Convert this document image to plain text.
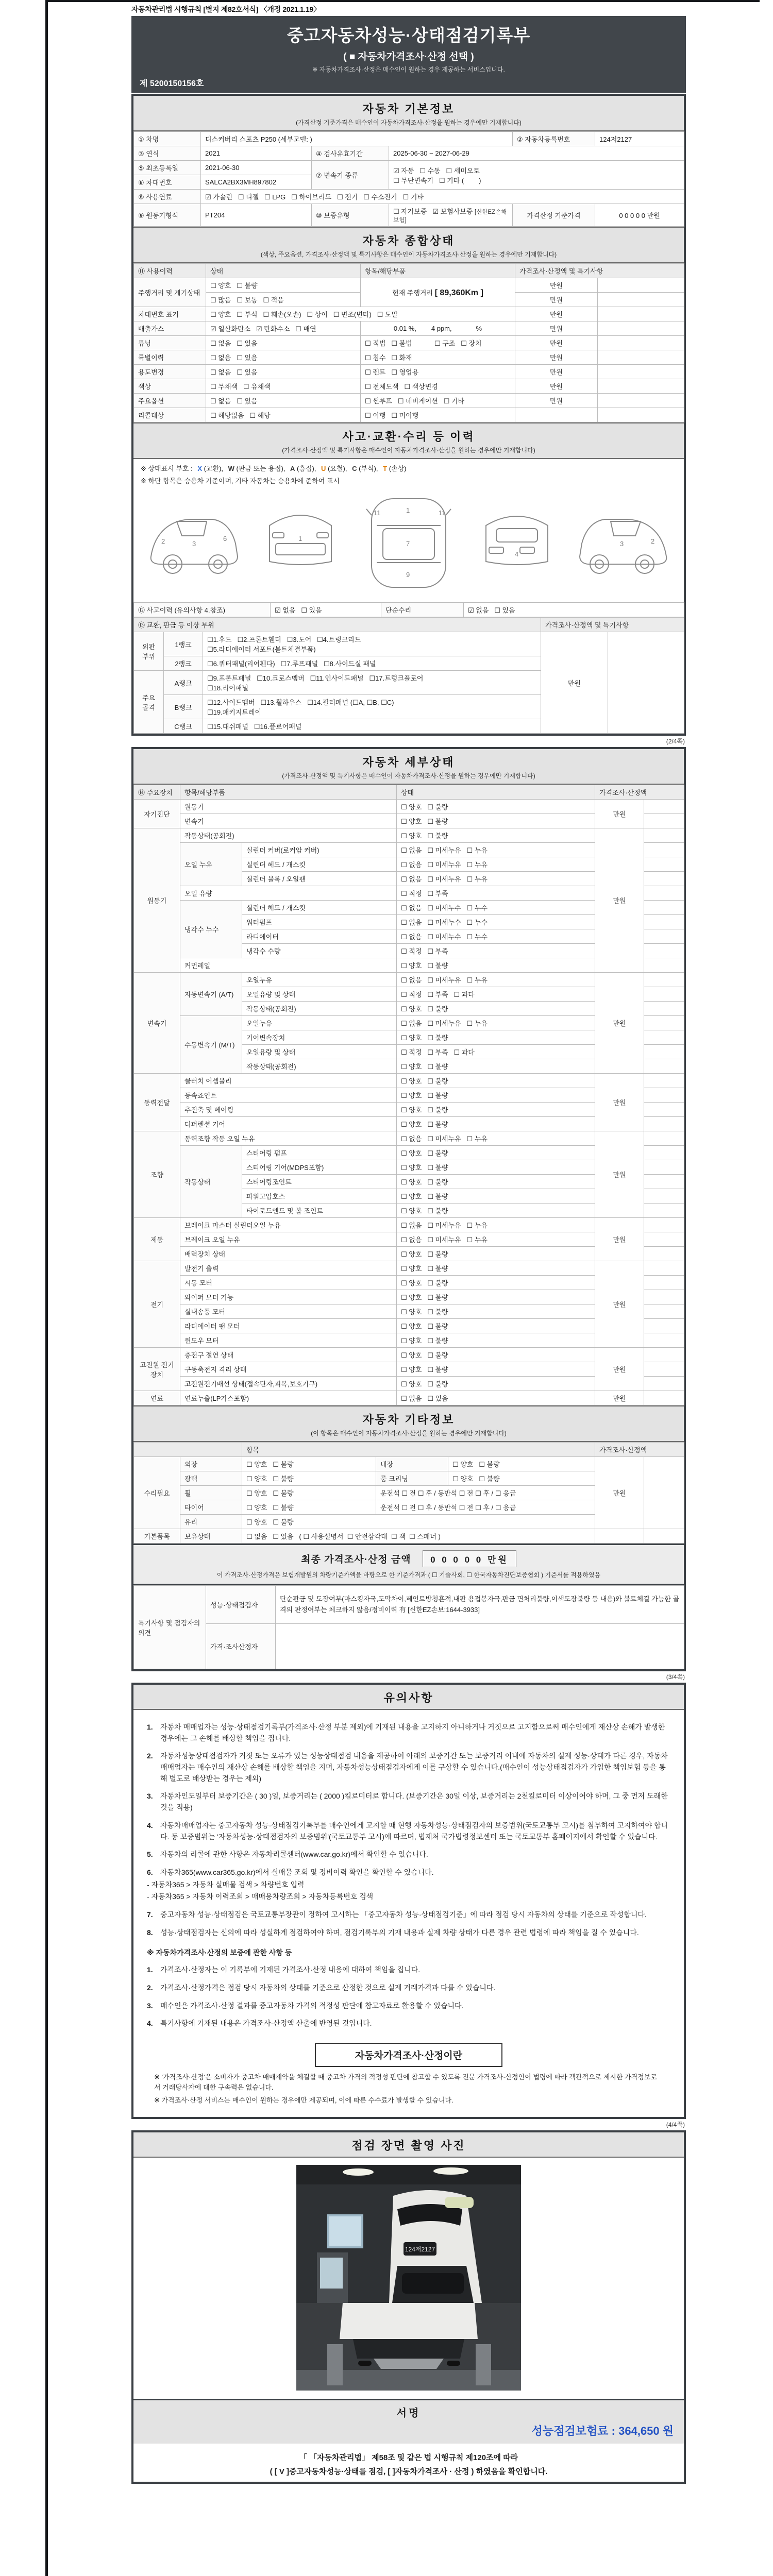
자동차관리법 시행규칙 [별지 제82호서식] 〈개정 2021.1.19〉
중고자동차성능·상태점검기록부
( ■ 자동차가격조사·산정 선택 )
※ 자동차가격조사·산정은 매수인이 원하는 경우 제공하는 서비스입니다.
제 5200150156호
자동차 기본정보
(가격산정 기준가격은 매수인이 자동차가격조사·산정을 원하는 경우에만 기재합니다)
① 차명	디스커버리 스포츠 P250 (세부모델: )			② 자동차등록번호	124저2127
③ 연식	2021	④ 검사유효기간	2025-06-30 ~ 2027-06-29		
⑤ 최초등록일	2021-06-30	⑦ 변속기 종류	☑ 자동   ☐ 수동   ☐ 세미오토
☐ 무단변속기   ☐ 기타 (        )		

⑥ 차대번호	SALCA2BX3MH897802				
⑧ 사용연료	☑ 가솔린   ☐ 디젤   ☐ LPG   ☐ 하이브리드   ☐ 전기   ☐ 수소전기   ☐ 기타				
⑨ 원동기형식	PT204	⑩ 보증유형	☐ 자가보증   ☑ 보험사보증 [신한EZ손해보험]	가격산정 기준가격	0 0 0 0 0 만원
자동차 종합상태
(색상, 주요옵션, 가격조사·산정액 및 특기사항은 매수인이 자동차가격조사·산정을 원하는 경우에만 기재합니다)
⑪ 사용이력	상태	항목/해당부품	가격조사·산정액 및 특기사항	
주행거리 및 계기상태	☐ 양호   ☐ 불량	현재 주행거리 [ 89,360Km ]	만원	
	☐ 많음   ☐ 보통   ☐ 적음		만원	
차대번호 표기	☐ 양호   ☐ 부식   ☐ 훼손(오손)   ☐ 상이   ☐ 변조(변타)   ☐ 도말		만원	
배출가스	☑ 일산화탄소   ☑ 탄화수소   ☐ 매연	0.01 %,        4 ppm,             %	만원	
튜닝	☐ 없음   ☐ 있음	☐ 적법   ☐ 불법            ☐ 구조   ☐ 장치	만원	
특별이력	☐ 없음   ☐ 있음	☐ 침수   ☐ 화재	만원	
용도변경	☐ 없음   ☐ 있음	☐ 렌트   ☐ 영업용	만원	
색상	☐ 무채색   ☐ 유채색	☐ 전체도색   ☐ 색상변경	만원	
주요옵션	☐ 없음   ☐ 있음	☐ 썬루프   ☐ 네비게이션   ☐ 기타	만원	
리콜대상	☐ 해당없음   ☐ 해당	☐ 이행   ☐ 미이행		
사고·교환·수리 등 이력
(가격조사·산정액 및 특기사항은 매수인이 자동차가격조사·산정을 원하는 경우에만 기재합니다)
※ 상태표시 부호 : X (교환), W (판금 또는 용접), A (흠집), U (요철), C (부식), T (손상)
※ 하단 항목은 승용차 기준이며, 기타 자동차는 승용차에 준하여 표시
2	3
6	1
1
7
11	11
9
4
2
3
⑫ 사고이력 (유의사항 4.참조)	☑ 없음   ☐ 있음	단순수리	☑ 없음   ☐ 있음
⑬ 교환, 판금 등 이상 부위			가격조사·산정액 및 특기사항	
외판 부위	1랭크	☐1.후드   ☐2.프론트휀더   ☐3.도어   ☐4.트렁크리드
☐5.라디에이터 서포트(볼트체결부품)	만원	
	2랭크	☐6.쿼터패널(리어휀다)   ☐7.루프패널   ☐8.사이드실 패널		
주요 골격	A랭크	☐9.프론트패널   ☐10.크로스멤버   ☐11.인사이드패널   ☐17.트렁크플로어
☐18.리어패널		

	B랭크	☐12.사이드멤버   ☐13.휠하우스   ☐14.필러패널 (☐A, ☐B, ☐C)
☐19.패키지트레이		

	C랭크	☐15.대쉬패널   ☐16.플로어패널		
(2/4쪽)
자동차 세부상태
(가격조사·산정액 및 특기사항은 매수인이 자동차가격조사·산정을 원하는 경우에만 기재합니다)
⑭ 주요장치	항목/해당부품		상태	가격조사·산정액	
자기진단	원동기		☐ 양호   ☐ 불량	만원	
	변속기		☐ 양호   ☐ 불량		
원동기	작동상태(공회전)		☐ 양호   ☐ 불량	만원	
	오일 누유	실린더 커버(로커암 커버)	☐ 없음   ☐ 미세누유   ☐ 누유		
		실린더 헤드 / 개스킷	☐ 없음   ☐ 미세누유   ☐ 누유		
		실린더 블록 / 오일팬	☐ 없음   ☐ 미세누유   ☐ 누유		
	오일 유량		☐ 적정   ☐ 부족		
	냉각수 누수	실린더 헤드 / 개스킷	☐ 없음   ☐ 미세누수   ☐ 누수		
		워터펌프	☐ 없음   ☐ 미세누수   ☐ 누수		
		라디에이터	☐ 없음   ☐ 미세누수   ☐ 누수		
		냉각수 수량	☐ 적정   ☐ 부족		
	커먼레일		☐ 양호   ☐ 불량		
변속기	자동변속기 (A/T)	오일누유	☐ 없음   ☐ 미세누유   ☐ 누유	만원	
		오일유량 및 상태	☐ 적정   ☐ 부족   ☐ 과다		
		작동상태(공회전)	☐ 양호   ☐ 불량		
	수동변속기 (M/T)	오일누유	☐ 없음   ☐ 미세누유   ☐ 누유		
		기어변속장치	☐ 양호   ☐ 불량		
		오일유량 및 상태	☐ 적정   ☐ 부족   ☐ 과다		
		작동상태(공회전)	☐ 양호   ☐ 불량		
동력전달	클러치 어셈블리		☐ 양호   ☐ 불량	만원	
	등속죠인트		☐ 양호   ☐ 불량		
	추진축 및 베어링		☐ 양호   ☐ 불량		
	디퍼렌셜 기어		☐ 양호   ☐ 불량		
조향	동력조향 작동 오일 누유		☐ 없음   ☐ 미세누유   ☐ 누유	만원	
	작동상태	스티어링 펌프	☐ 양호   ☐ 불량		
		스티어링 기어(MDPS포함)	☐ 양호   ☐ 불량		
		스티어링조인트	☐ 양호   ☐ 불량		
		파워고압호스	☐ 양호   ☐ 불량		
		타이로드엔드 및 볼 조인트	☐ 양호   ☐ 불량		
제동	브레이크 마스터 실린더오일 누유		☐ 없음   ☐ 미세누유   ☐ 누유	만원	
	브레이크 오일 누유		☐ 없음   ☐ 미세누유   ☐ 누유		
	배력장치 상태		☐ 양호   ☐ 불량		
전기	발전기 출력		☐ 양호   ☐ 불량	만원	
	시동 모터		☐ 양호   ☐ 불량		
	와이퍼 모터 기능		☐ 양호   ☐ 불량		
	실내송풍 모터		☐ 양호   ☐ 불량		
	라디에이터 팬 모터		☐ 양호   ☐ 불량		
	윈도우 모터		☐ 양호   ☐ 불량		
고전원 전기장치	충전구 절연 상태		☐ 양호   ☐ 불량	만원	
	구동축전지 격리 상태		☐ 양호   ☐ 불량		
	고전원전기배선 상태(접속단자,피복,보호기구)		☐ 양호   ☐ 불량		
연료	연료누출(LP가스포함)		☐ 없음   ☐ 있음	만원	
자동차 기타정보
(이 항목은 매수인이 자동차가격조사·산정을 원하는 경우에만 기재합니다)
		항목			가격조사·산정액	
수리필요	외장	☐ 양호   ☐ 불량	내장	☐ 양호   ☐ 불량	만원	
	광택	☐ 양호   ☐ 불량	룸 크리닝	☐ 양호   ☐ 불량		
	휠	☐ 양호   ☐ 불량	운전석 ☐ 전 ☐ 후 / 동반석 ☐ 전 ☐ 후 / ☐ 응급			
	타이어	☐ 양호   ☐ 불량	운전석 ☐ 전 ☐ 후 / 동반석 ☐ 전 ☐ 후 / ☐ 응급			
	유리	☐ 양호   ☐ 불량				
기본품목	보유상태	☐ 없음   ☐ 있음   ( ☐ 사용설명서  ☐ 안전삼각대  ☐ 잭  ☐ 스패너 )				
최종 가격조사·산정 금액 0 0 0 0 0 만원
이 가격조사·산정가격은 보험개발원의 차량기준가액을 바탕으로 한 기준가격과 ( ☐ 기술사회, ☐ 한국자동차진단보증협회 ) 기준서를 적용하였음
특기사항 및 점검자의 의견	성능·상태점검자	단순판금 및 도장여부(마스킹자국,도막차이,페인트방청흔적,내판 용접봉자국,판금 면처리불량,이색도장불량 등 내용)와 볼트체결 가능한 골격의 판정여부는 체크하지 않음/정비이력 有 [신한EZ손보:1644-3933]
	가격·조사산정자	
(3/4쪽)
유의사항
1.	자동차 매매업자는 성능·상태점검기록부(가격조사·산정 부분 제외)에 기재된 내용을 고지하지 아니하거나 거짓으로 고지함으로써 매수인에게 재산상 손해가 발생한 경우에는 그 손해를 배상할 책임을 집니다.
2.	자동차성능상태점검자가 거짓 또는 오류가 있는 성능상태점검 내용을 제공하여 아래의 보증기간 또는 보증거리 이내에 자동차의 실제 성능·상태가 다른 경우, 자동차매매업자는 매수인의 재산상 손해를 배상할 책임을 지며, 자동차성능상태점검자에게 이를 구상할 수 있습니다.(매수인이 성능상태점검자가 가입한 책임보험 등을 통해 별도로 배상받는 경우는 제외)
3.	자동차인도일부터 보증기간은 ( 30 )일, 보증거리는 ( 2000 )킬로미터로 합니다. (보증기간은 30일 이상, 보증거리는 2천킬로미터 이상이어야 하며, 그 중 먼저 도래한 것을 적용)
4.	자동차매매업자는 중고자동차 성능·상태점검기록부를 매수인에게 고지할 때 현행 자동차성능·상태점검자의 보증범위(국토교통부 고시)를 첨부하여 고지하여야 합니다. 동 보증범위는 '자동차성능·상태점검자의 보증범위'(국토교통부 고시)에 따르며, 법제처 국가법령정보센터 또는 국토교통부 홈페이지에서 확인할 수 있습니다.
5.	자동차의 리콜에 관한 사항은 자동차리콜센터(www.car.go.kr)에서 확인할 수 있습니다.
6.	자동차365(www.car365.go.kr)에서 실매물 조회 및 정비이력 확인을 확인할 수 있습니다.
- 자동차365 > 자동차 실매물 검색 > 차량번호 입력
- 자동차365 > 자동차 이력조회 > 매매용차량조회 > 자동차등록번호 검색
7.	중고자동차 성능·상태점검은 국토교통부장관이 정하여 고시하는 「중고자동차 성능·상태점검기준」에 따라 점검 당시 자동차의 상태를 기준으로 작성합니다.
8.	성능·상태점검자는 신의에 따라 성실하게 점검하여야 하며, 점검기록부의 기재 내용과 실제 차량 상태가 다른 경우 관련 법령에 따라 책임을 질 수 있습니다.
※ 자동차가격조사·산정의 보증에 관한 사항 등
1.	가격조사·산정자는 이 기록부에 기재된 가격조사·산정 내용에 대하여 책임을 집니다.
2.	가격조사·산정가격은 점검 당시 자동차의 상태를 기준으로 산정한 것으로 실제 거래가격과 다를 수 있습니다.
3.	매수인은 가격조사·산정 결과를 중고자동차 가격의 적정성 판단에 참고자료로 활용할 수 있습니다.
4.	특기사항에 기재된 내용은 가격조사·산정액 산출에 반영된 것입니다.
자동차가격조사·산정이란
※ '가격조사·산정'은 소비자가 중고차 매매계약을 체결할 때 중고차 가격의 적정성 판단에 참고할 수 있도록 전문 가격조사·산정인이 법령에 따라 객관적으로 제시한 가격정보로서 거래당사자에 대한 구속력은 없습니다.
※ 가격조사·산정 서비스는 매수인이 원하는 경우에만 제공되며, 이에 따른 수수료가 발생할 수 있습니다.
(4/4쪽)
점검 장면 촬영 사진
124저2127
서명
성능점검보험료 : 364,650 원
「 「자동차관리법」 제58조 및 같은 법 시행규칙 제120조에 따라
( [ V ]중고자동차성능·상태를 점검, [ ]자동차가격조사 · 산정 ) 하였음을 확인합니다.
